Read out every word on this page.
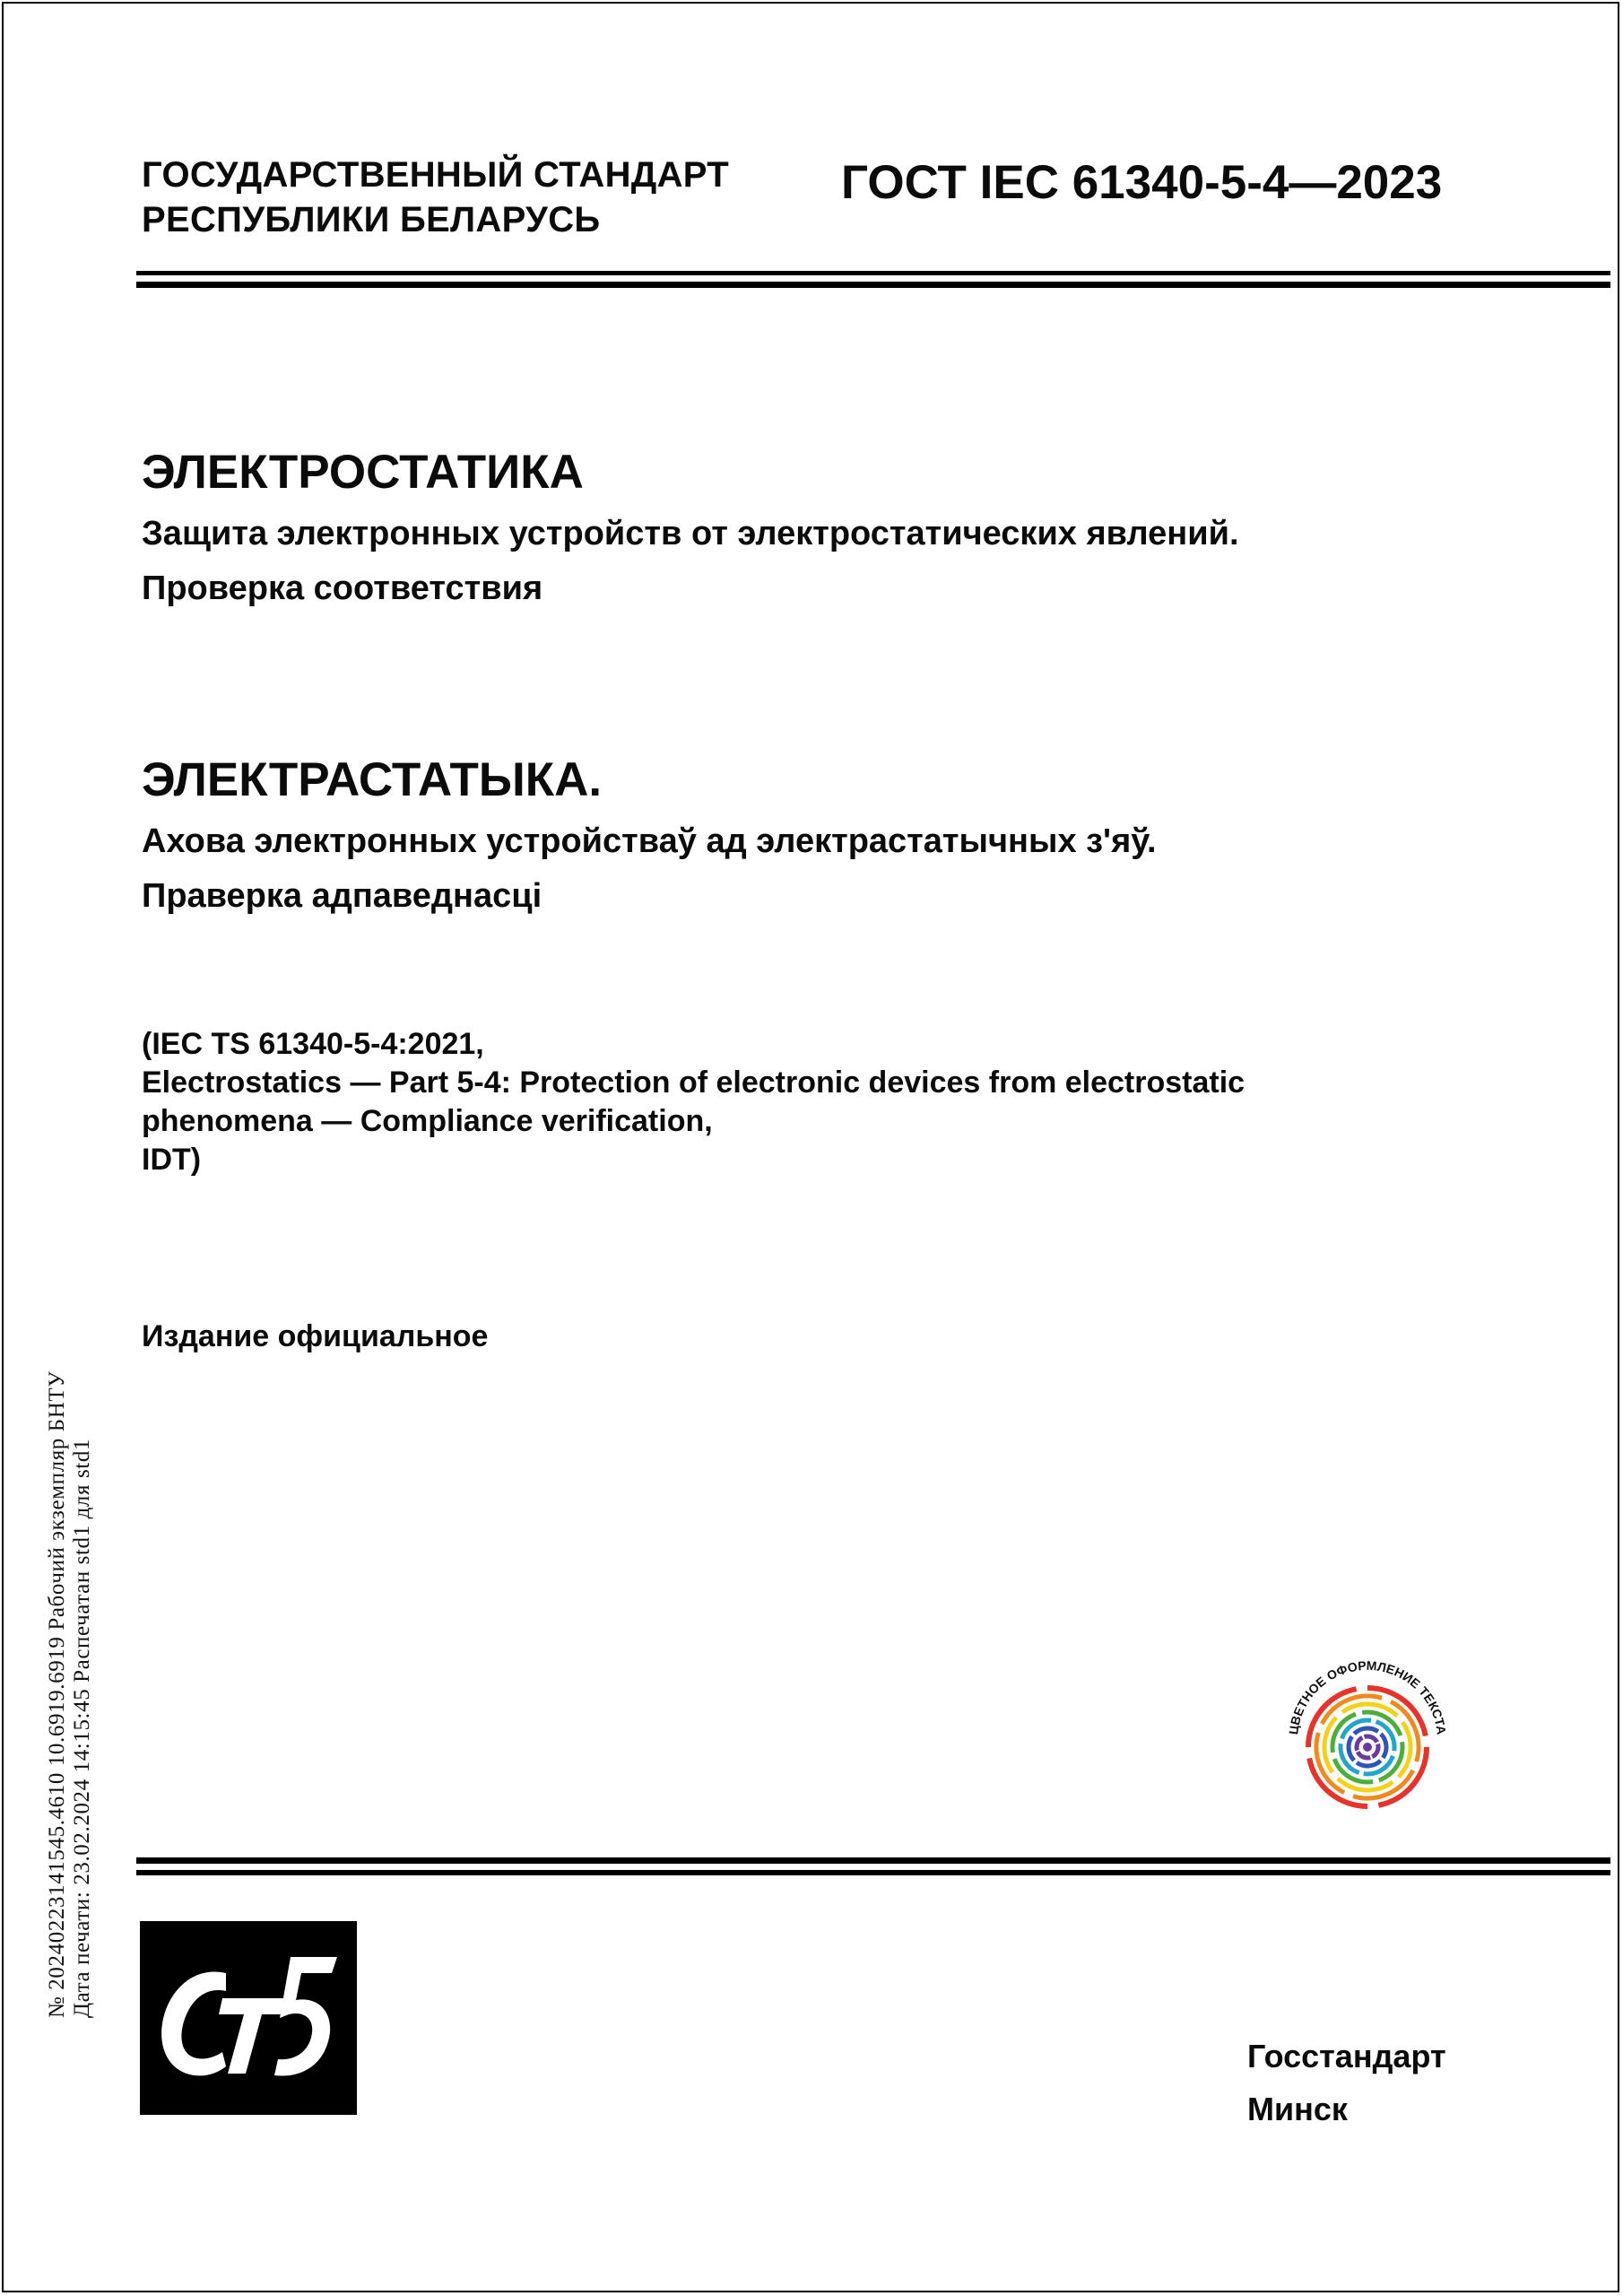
ГОСУДАРСТВЕННЫЙ СТАНДАРТ
РЕСПУБЛИКИ БЕЛАРУСЬ
ГОСТ IEC 61340-5-4—2023
ЭЛЕКТРОСТАТИКА
Защита электронных устройств от электростатических явлений.
Проверка соответствия
ЭЛЕКТРАСТАТЫКА.
Ахова электронных устройстваў ад электрастатычных з'яў.
Праверка адпаведнасці
(IEC TS 61340-5-4:2021,
Electrostatics — Part 5-4: Protection of electronic devices from electrostatic
phenomena — Compliance verification,
IDT)
Издание официальное
№ 20240223141545.4610 10.6919.6919 Рабочий экземпляр БНТУ Дата печати: 23.02.2024 14:15:45 Распечатан std1 для std1	ЦВЕТНОЕ ОФОРМЛЕНИЕ ТЕКСТА
Госстандарт
Минск
